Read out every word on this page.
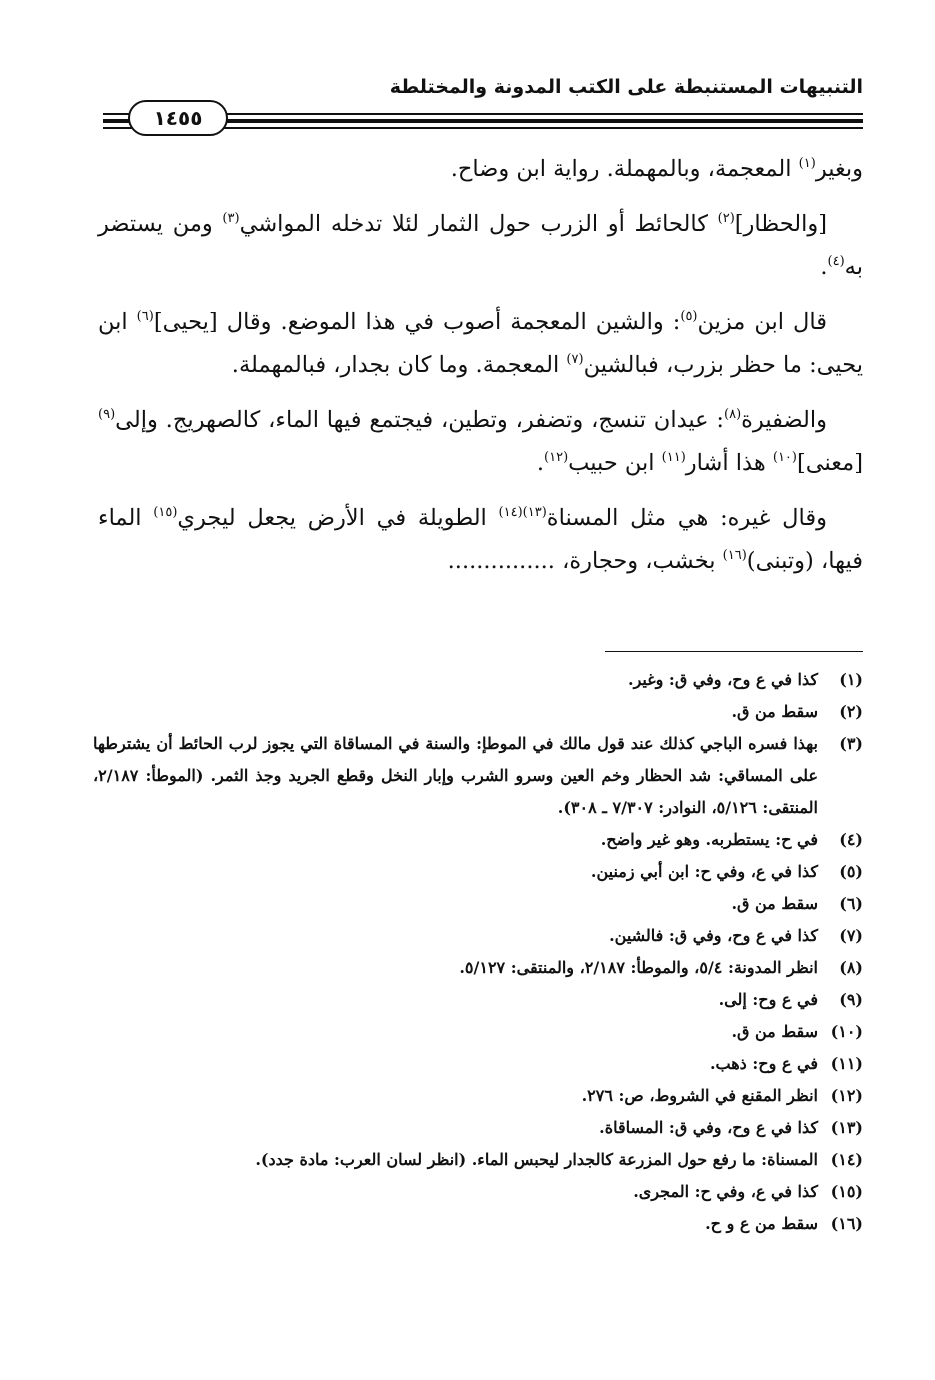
التنبيهات المستنبطة على الكتب المدونة والمختلطة
١٤٥٥

وبغير$^{(١)}$ المعجمة، وبالمهملة. رواية ابن وضاح.

[والحظار]$^{(٢)}$ كالحائط أو الزرب حول الثمار لئلا تدخله المواشي$^{(٣)}$ ومن يستضر به$^{(٤)}$.

قال ابن مزين$^{(٥)}$: والشين المعجمة أصوب في هذا الموضع. وقال [يحيى]$^{(٦)}$ ابن يحيى: ما حظر بزرب، فبالشين$^{(٧)}$ المعجمة. وما كان بجدار، فبالمهملة.

والضفيرة$^{(٨)}$: عيدان تنسج، وتضفر، وتطين، فيجتمع فيها الماء، كالصهريج. وإلى$^{(٩)}$ [معنى]$^{(١٠)}$ هذا أشار$^{(١١)}$ ابن حبيب$^{(١٢)}$.

وقال غيره: هي مثل المسناة$^{(١٣)(١٤)}$ الطويلة في الأرض يجعل ليجري$^{(١٥)}$ الماء فيها، (وتبنى)$^{(١٦)}$ بخشب، وحجارة، ...............

(١)
كذا في ع وح، وفي ق: وغير.
(٢)
سقط من ق.
(٣)
بهذا فسره الباجي كذلك عند قول مالك في الموطإ: والسنة في المساقاة التي يجوز لرب الحائط أن يشترطها على المساقي: شد الحظار وخم العين وسرو الشرب وإبار النخل وقطع الجريد وجذ الثمر. (الموطأ: ٢/١٨٧، المنتقى: ٥/١٢٦، النوادر: ٧/٣٠٧ ـ ٣٠٨).
(٤)
في ح: يستطربه. وهو غير واضح.
(٥)
كذا في ع، وفي ح: ابن أبي زمنين.
(٦)
سقط من ق.
(٧)
كذا في ع وح، وفي ق: فالشين.
(٨)
انظر المدونة: ٥/٤، والموطأ: ٢/١٨٧، والمنتقى: ٥/١٢٧.
(٩)
في ع وح: إلى.
(١٠)
سقط من ق.
(١١)
في ع وح: ذهب.
(١٢)
انظر المقنع في الشروط، ص: ٢٧٦.
(١٣)
كذا في ع وح، وفي ق: المساقاة.
(١٤)
المسناة: ما رفع حول المزرعة كالجدار ليحبس الماء. (انظر لسان العرب: مادة جدد).
(١٥)
كذا في ع، وفي ح: المجرى.
(١٦)
سقط من ع و ح.
